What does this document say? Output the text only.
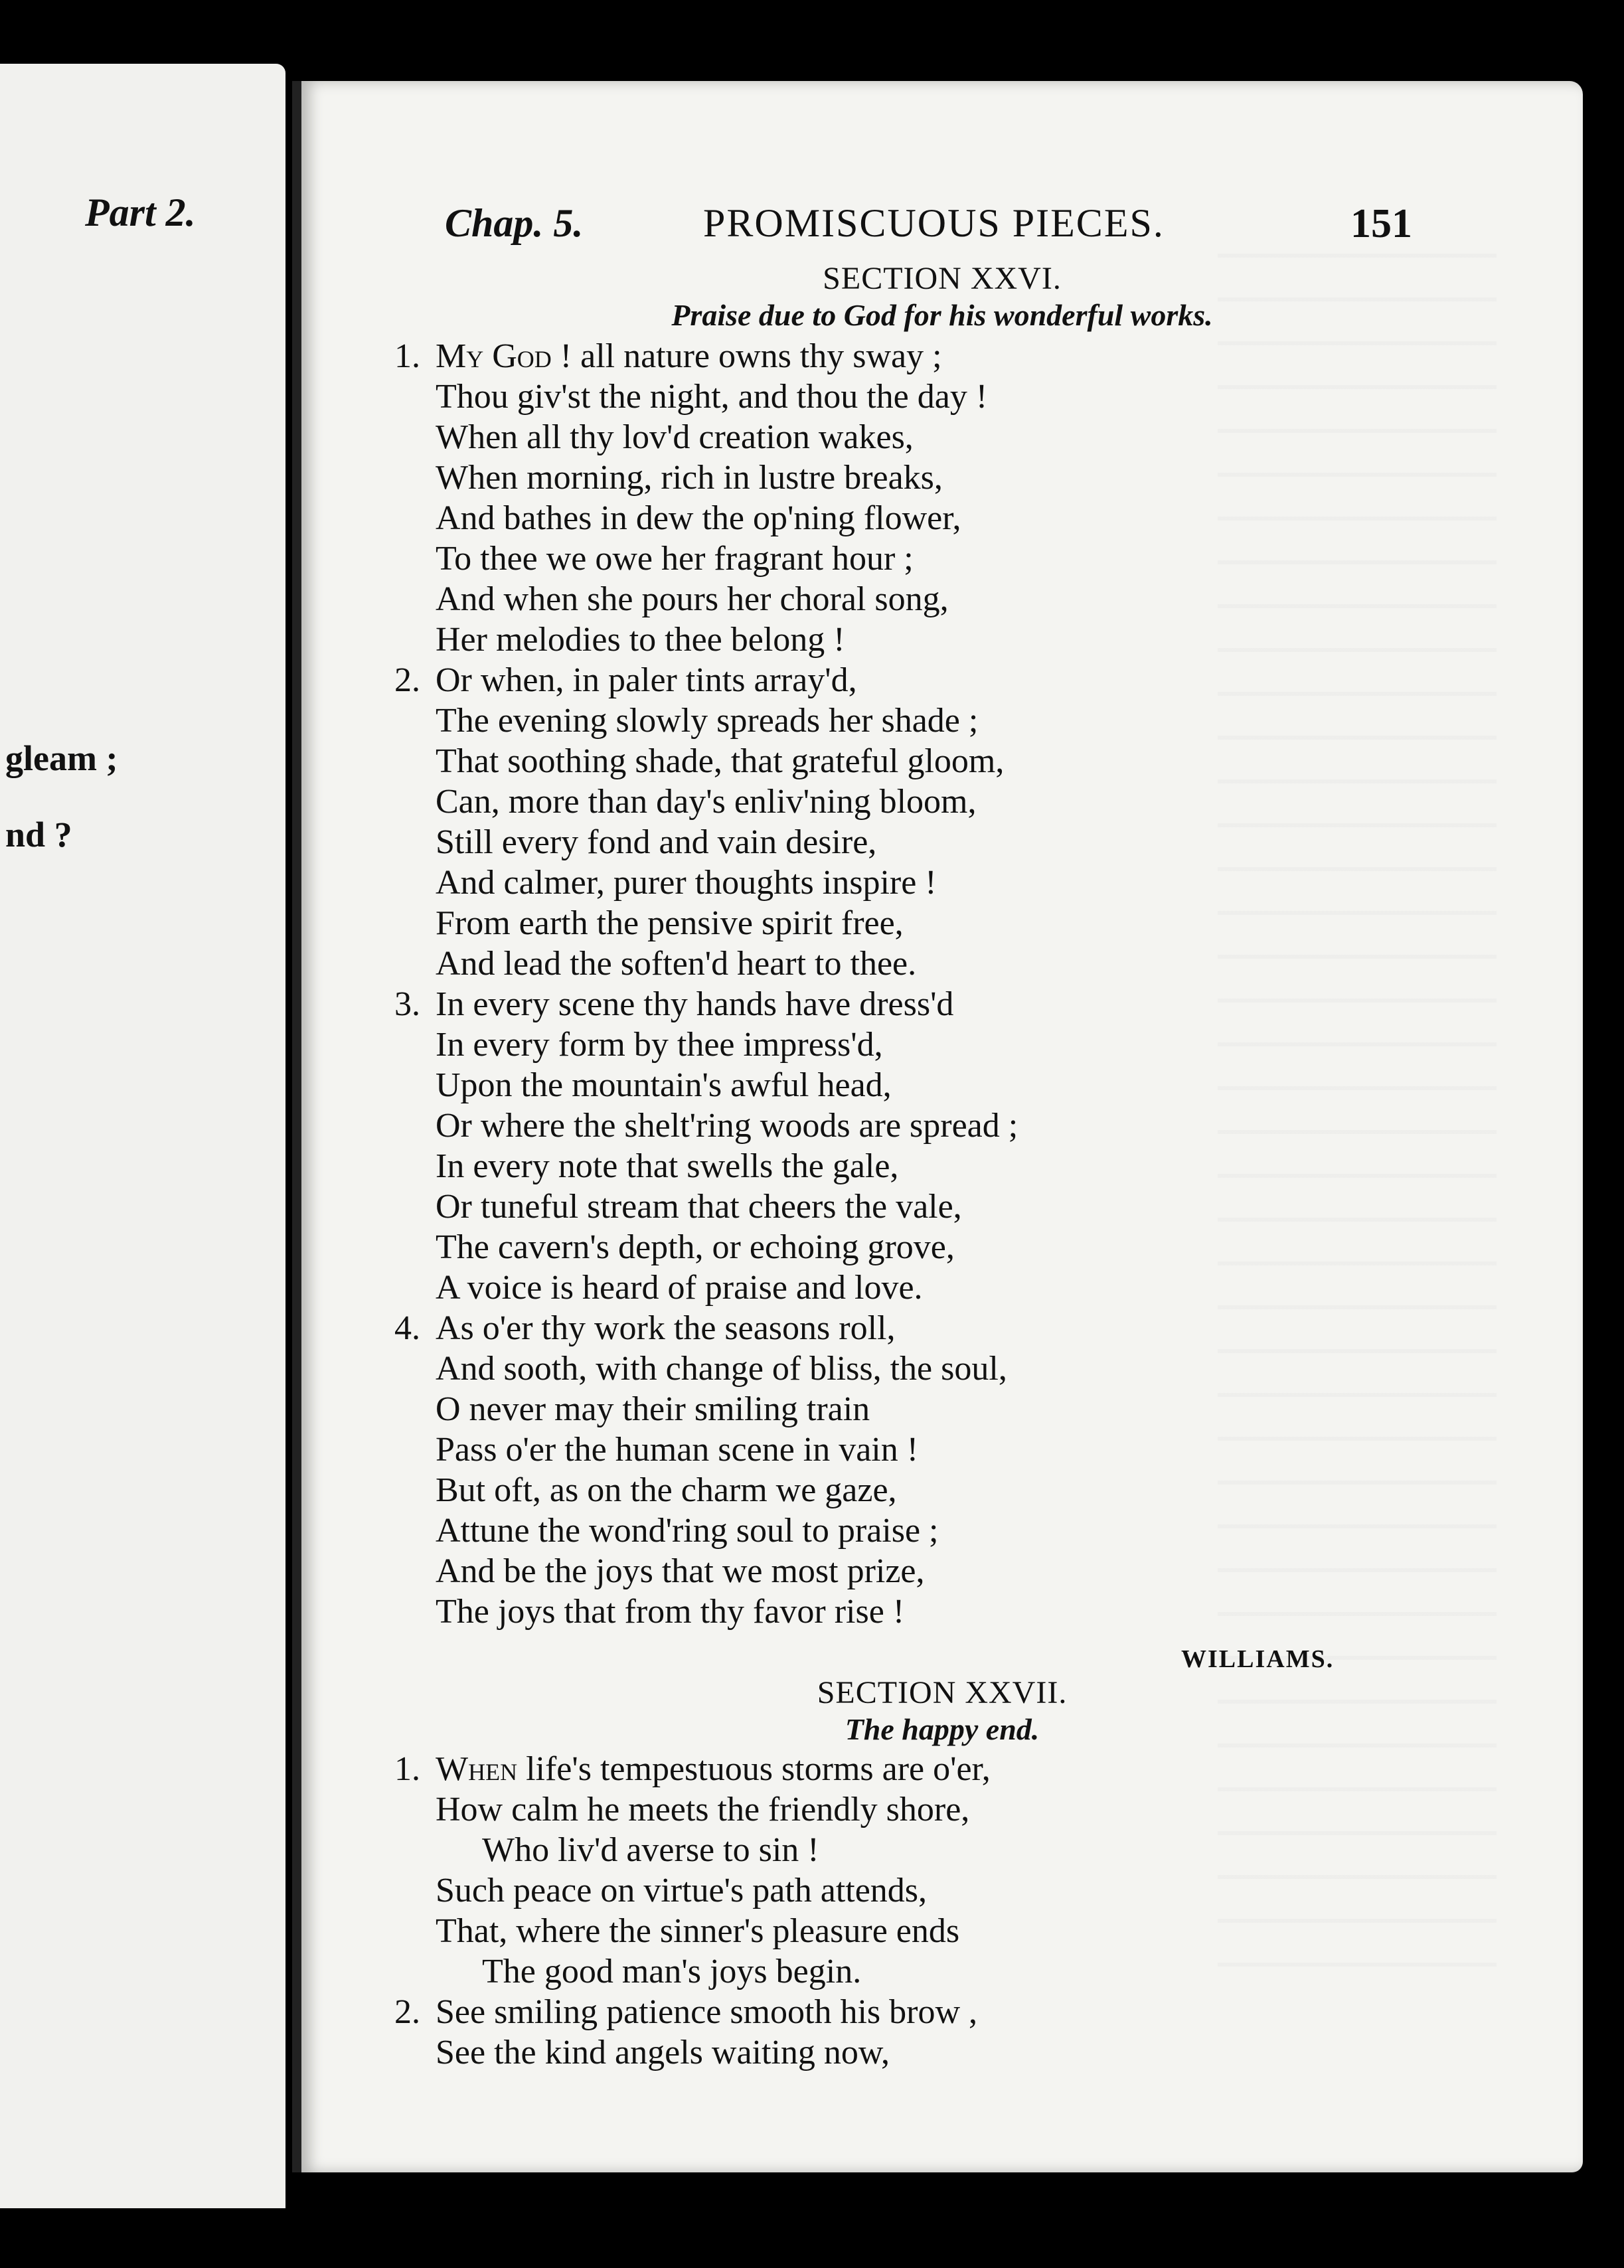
Part 2.
gleam ;
nd ?
Chap. 5.	PROMISCUOUS PIECES.	151
SECTION XXVI.
Praise due to God for his wonderful works.
1. My God ! all nature owns thy sway ;
Thou giv'st the night, and thou the day !
When all thy lov'd creation wakes,
When morning, rich in lustre breaks,
And bathes in dew the op'ning flower,
To thee we owe her fragrant hour ;
And when she pours her choral song,
Her melodies to thee belong !
2. Or when, in paler tints array'd,
The evening slowly spreads her shade ;
That soothing shade, that grateful gloom,
Can, more than day's enliv'ning bloom,
Still every fond and vain desire,
And calmer, purer thoughts inspire !
From earth the pensive spirit free,
And lead the soften'd heart to thee.
3. In every scene thy hands have dress'd
In every form by thee impress'd,
Upon the mountain's awful head,
Or where the shelt'ring woods are spread ;
In every note that swells the gale,
Or tuneful stream that cheers the vale,
The cavern's depth, or echoing grove,
A voice is heard of praise and love.
4. As o'er thy work the seasons roll,
And sooth, with change of bliss, the soul,
O never may their smiling train
Pass o'er the human scene in vain !
But oft, as on the charm we gaze,
Attune the wond'ring soul to praise ;
And be the joys that we most prize,
The joys that from thy favor rise !
WILLIAMS.
SECTION XXVII.
The happy end.
1. When life's tempestuous storms are o'er,
How calm he meets the friendly shore,
Who liv'd averse to sin !
Such peace on virtue's path attends,
That, where the sinner's pleasure ends
The good man's joys begin.
2. See smiling patience smooth his brow ,
See the kind angels waiting now,
